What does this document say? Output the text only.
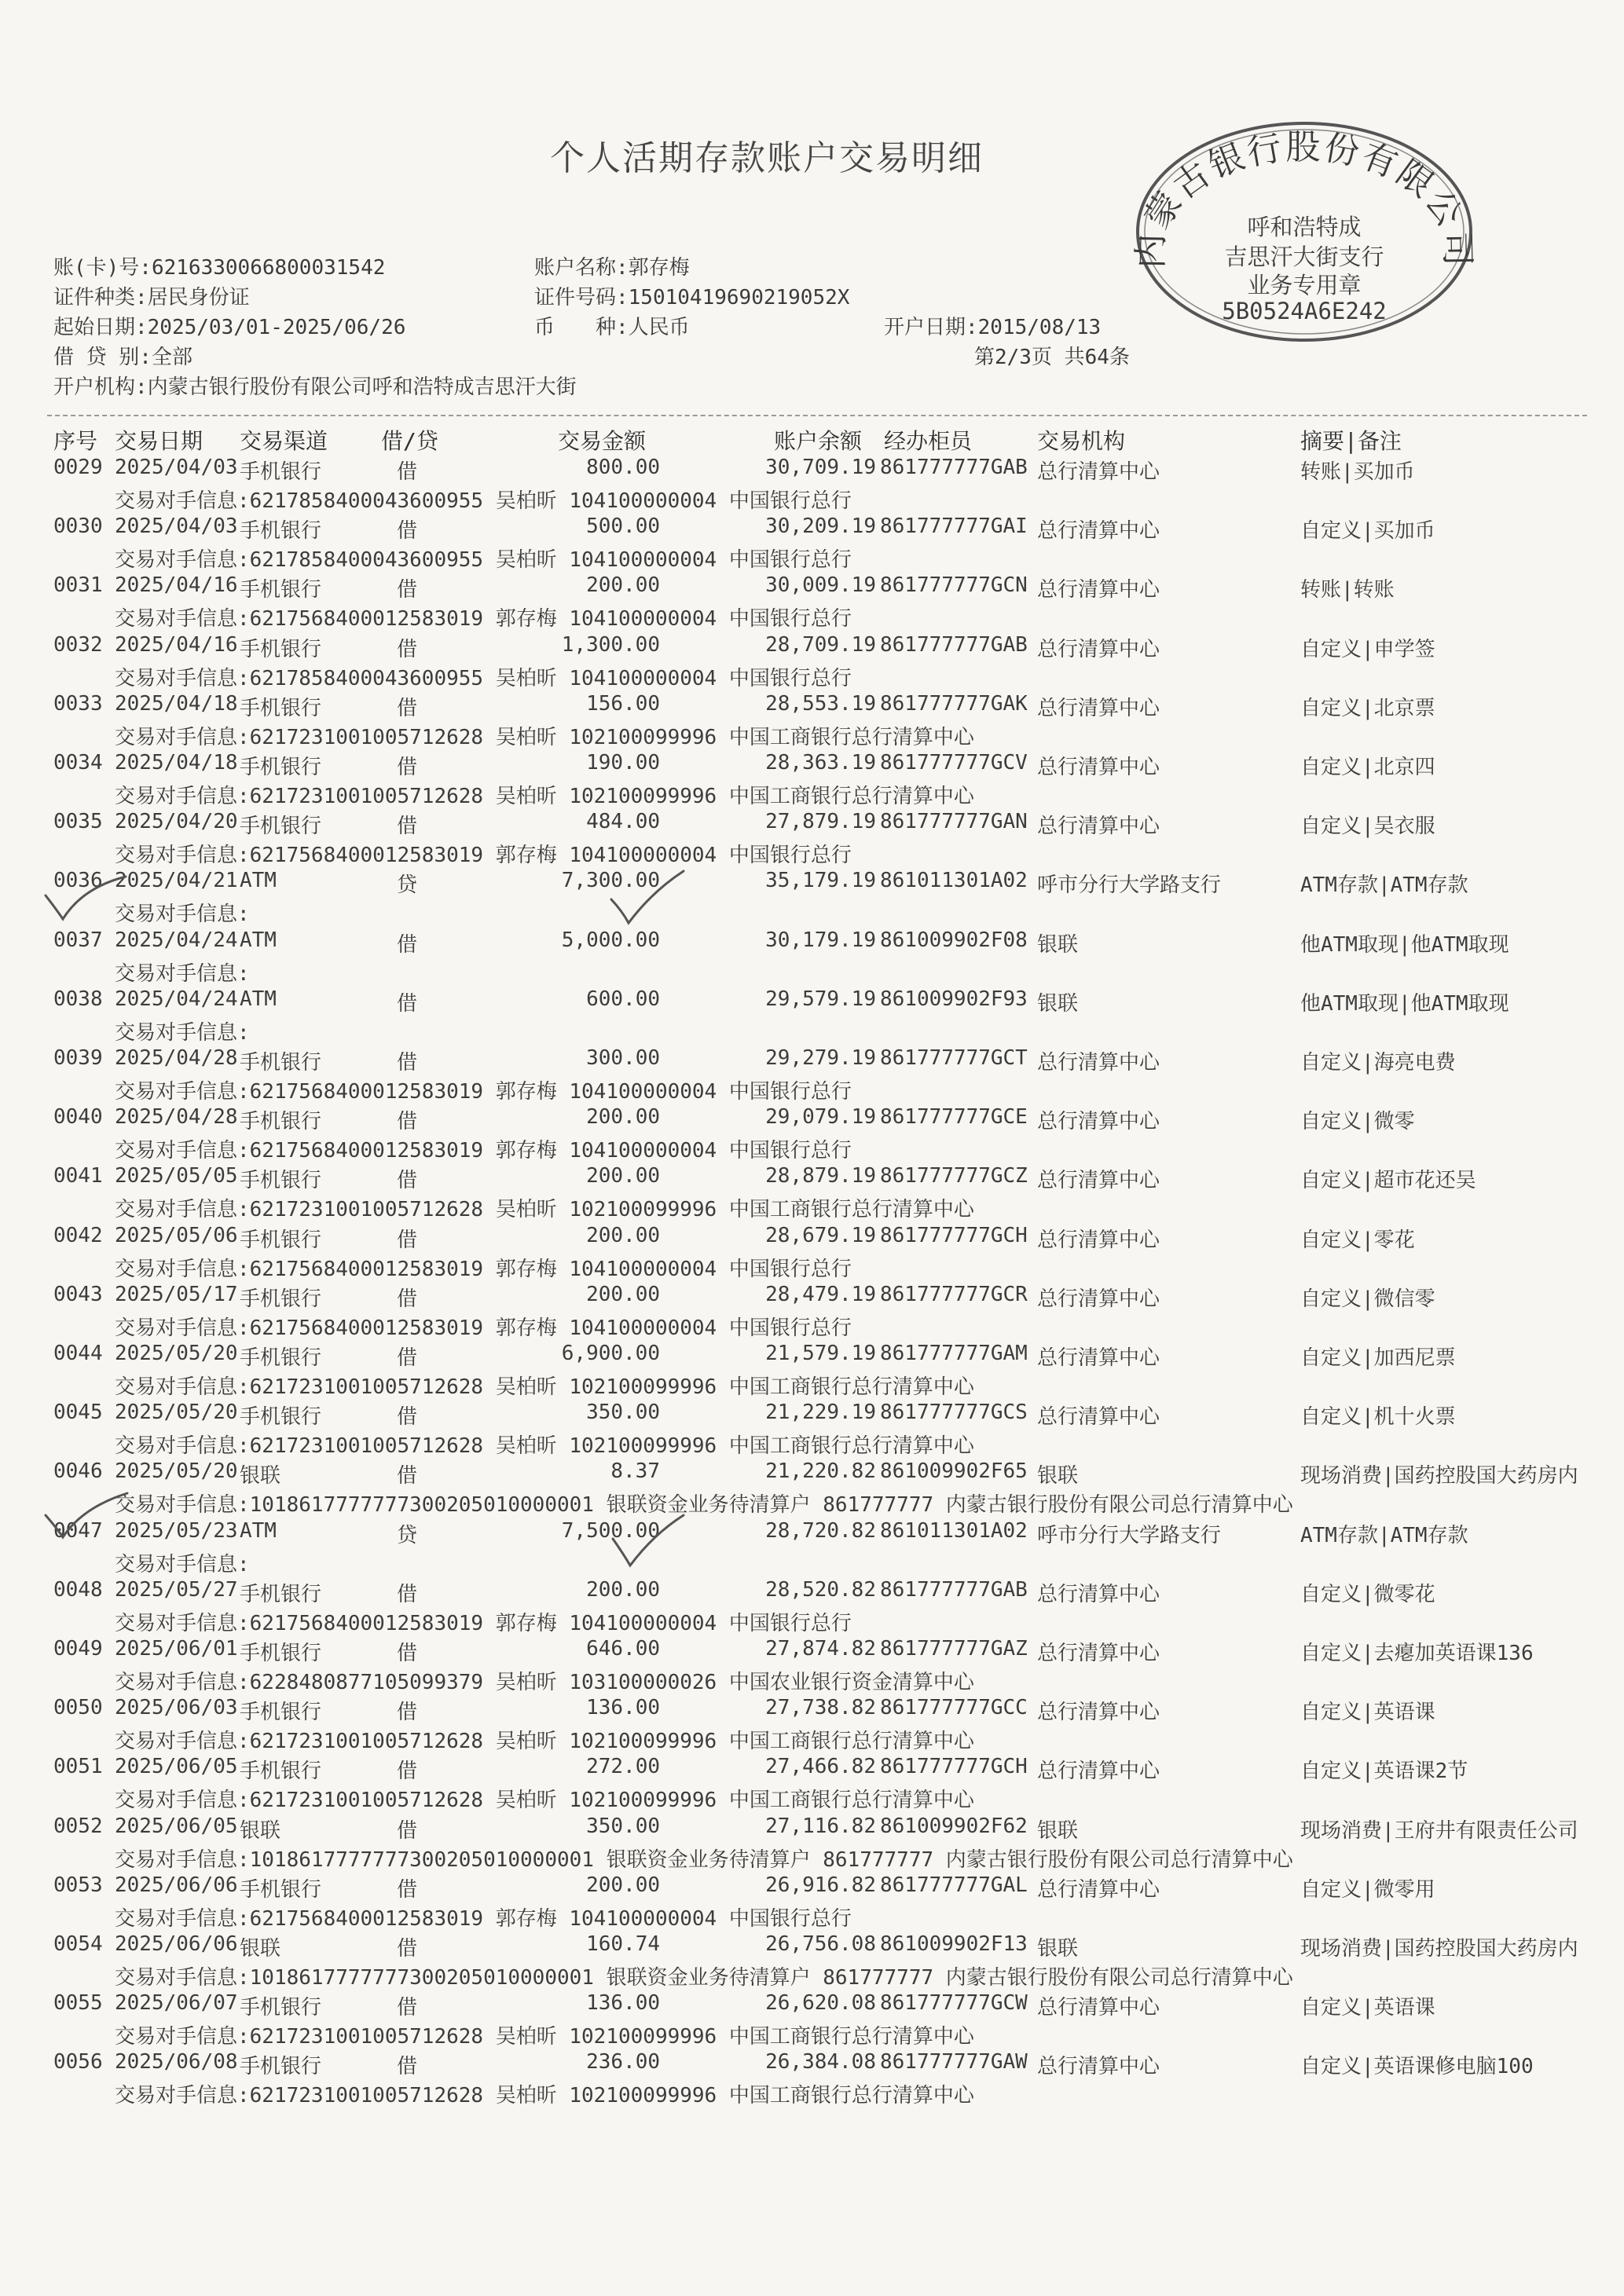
个人活期存款账户交易明细
账(卡)号:6216330066800031542	账户名称:郭存梅
证件种类:居民身份证	证件号码:15010419690219052X
起始日期:2025/03/01-2025/06/26	币　　种:人民币	开户日期:2015/08/13
借 贷 别:全部	第2/3页 共64条
开户机构:内蒙古银行股份有限公司呼和浩特成吉思汗大街
内蒙古银行股份有限公司
呼和浩特成
吉思汗大街支行
业务专用章
5B0524A6E242
序号 交易日期 交易渠道 借/贷	交易金额	账户余额 经办柜员	交易机构	摘要|备注
0029 2025/04/03 手机银行	借	800.00	30,709.19 861777777GAB 总行清算中心	转账|买加币
交易对手信息:6217858400043600955 吴柏昕 104100000004 中国银行总行
0030 2025/04/03 手机银行	借	500.00	30,209.19 861777777GAI 总行清算中心	自定义|买加币
交易对手信息:6217858400043600955 吴柏昕 104100000004 中国银行总行
0031 2025/04/16 手机银行	借	200.00	30,009.19 861777777GCN 总行清算中心	转账|转账
交易对手信息:6217568400012583019 郭存梅 104100000004 中国银行总行
0032 2025/04/16 手机银行	借	1,300.00	28,709.19 861777777GAB 总行清算中心	自定义|申学签
交易对手信息:6217858400043600955 吴柏昕 104100000004 中国银行总行
0033 2025/04/18 手机银行	借	156.00	28,553.19 861777777GAK 总行清算中心	自定义|北京票
交易对手信息:6217231001005712628 吴柏昕 102100099996 中国工商银行总行清算中心
0034 2025/04/18 手机银行	借	190.00	28,363.19 861777777GCV 总行清算中心	自定义|北京四
交易对手信息:6217231001005712628 吴柏昕 102100099996 中国工商银行总行清算中心
0035 2025/04/20 手机银行	借	484.00	27,879.19 861777777GAN 总行清算中心	自定义|吴衣服
交易对手信息:6217568400012583019 郭存梅 104100000004 中国银行总行
0036 2025/04/21 ATM	贷	7,300.00	35,179.19 861011301A02 呼市分行大学路支行	ATM存款|ATM存款
交易对手信息:
0037 2025/04/24 ATM	借	5,000.00	30,179.19 861009902F08 银联	他ATM取现|他ATM取现
交易对手信息:
0038 2025/04/24 ATM	借	600.00	29,579.19 861009902F93 银联	他ATM取现|他ATM取现
交易对手信息:
0039 2025/04/28 手机银行	借	300.00	29,279.19 861777777GCT 总行清算中心	自定义|海亮电费
交易对手信息:6217568400012583019 郭存梅 104100000004 中国银行总行
0040 2025/04/28 手机银行	借	200.00	29,079.19 861777777GCE 总行清算中心	自定义|微零
交易对手信息:6217568400012583019 郭存梅 104100000004 中国银行总行
0041 2025/05/05 手机银行	借	200.00	28,879.19 861777777GCZ 总行清算中心	自定义|超市花还吴
交易对手信息:6217231001005712628 吴柏昕 102100099996 中国工商银行总行清算中心
0042 2025/05/06 手机银行	借	200.00	28,679.19 861777777GCH 总行清算中心	自定义|零花
交易对手信息:6217568400012583019 郭存梅 104100000004 中国银行总行
0043 2025/05/17 手机银行	借	200.00	28,479.19 861777777GCR 总行清算中心	自定义|微信零
交易对手信息:6217568400012583019 郭存梅 104100000004 中国银行总行
0044 2025/05/20 手机银行	借	6,900.00	21,579.19 861777777GAM 总行清算中心	自定义|加西尼票
交易对手信息:6217231001005712628 吴柏昕 102100099996 中国工商银行总行清算中心
0045 2025/05/20 手机银行	借	350.00	21,229.19 861777777GCS 总行清算中心	自定义|机十火票
交易对手信息:6217231001005712628 吴柏昕 102100099996 中国工商银行总行清算中心
0046 2025/05/20 银联	借	8.37	21,220.82 861009902F65 银联	现场消费|国药控股国大药房内
交易对手信息:1018617777777300205010000001 银联资金业务待清算户 861777777 内蒙古银行股份有限公司总行清算中心
0047 2025/05/23 ATM	贷	7,500.00	28,720.82 861011301A02 呼市分行大学路支行	ATM存款|ATM存款
交易对手信息:
0048 2025/05/27 手机银行	借	200.00	28,520.82 861777777GAB 总行清算中心	自定义|微零花
交易对手信息:6217568400012583019 郭存梅 104100000004 中国银行总行
0049 2025/06/01 手机银行	借	646.00	27,874.82 861777777GAZ 总行清算中心	自定义|去瘪加英语课136
交易对手信息:6228480877105099379 吴柏昕 103100000026 中国农业银行资金清算中心
0050 2025/06/03 手机银行	借	136.00	27,738.82 861777777GCC 总行清算中心	自定义|英语课
交易对手信息:6217231001005712628 吴柏昕 102100099996 中国工商银行总行清算中心
0051 2025/06/05 手机银行	借	272.00	27,466.82 861777777GCH 总行清算中心	自定义|英语课2节
交易对手信息:6217231001005712628 吴柏昕 102100099996 中国工商银行总行清算中心
0052 2025/06/05 银联	借	350.00	27,116.82 861009902F62 银联	现场消费|王府井有限责任公司
交易对手信息:1018617777777300205010000001 银联资金业务待清算户 861777777 内蒙古银行股份有限公司总行清算中心
0053 2025/06/06 手机银行	借	200.00	26,916.82 861777777GAL 总行清算中心	自定义|微零用
交易对手信息:6217568400012583019 郭存梅 104100000004 中国银行总行
0054 2025/06/06 银联	借	160.74	26,756.08 861009902F13 银联	现场消费|国药控股国大药房内
交易对手信息:1018617777777300205010000001 银联资金业务待清算户 861777777 内蒙古银行股份有限公司总行清算中心
0055 2025/06/07 手机银行	借	136.00	26,620.08 861777777GCW 总行清算中心	自定义|英语课
交易对手信息:6217231001005712628 吴柏昕 102100099996 中国工商银行总行清算中心
0056 2025/06/08 手机银行	借	236.00	26,384.08 861777777GAW 总行清算中心	自定义|英语课修电脑100
交易对手信息:6217231001005712628 吴柏昕 102100099996 中国工商银行总行清算中心
